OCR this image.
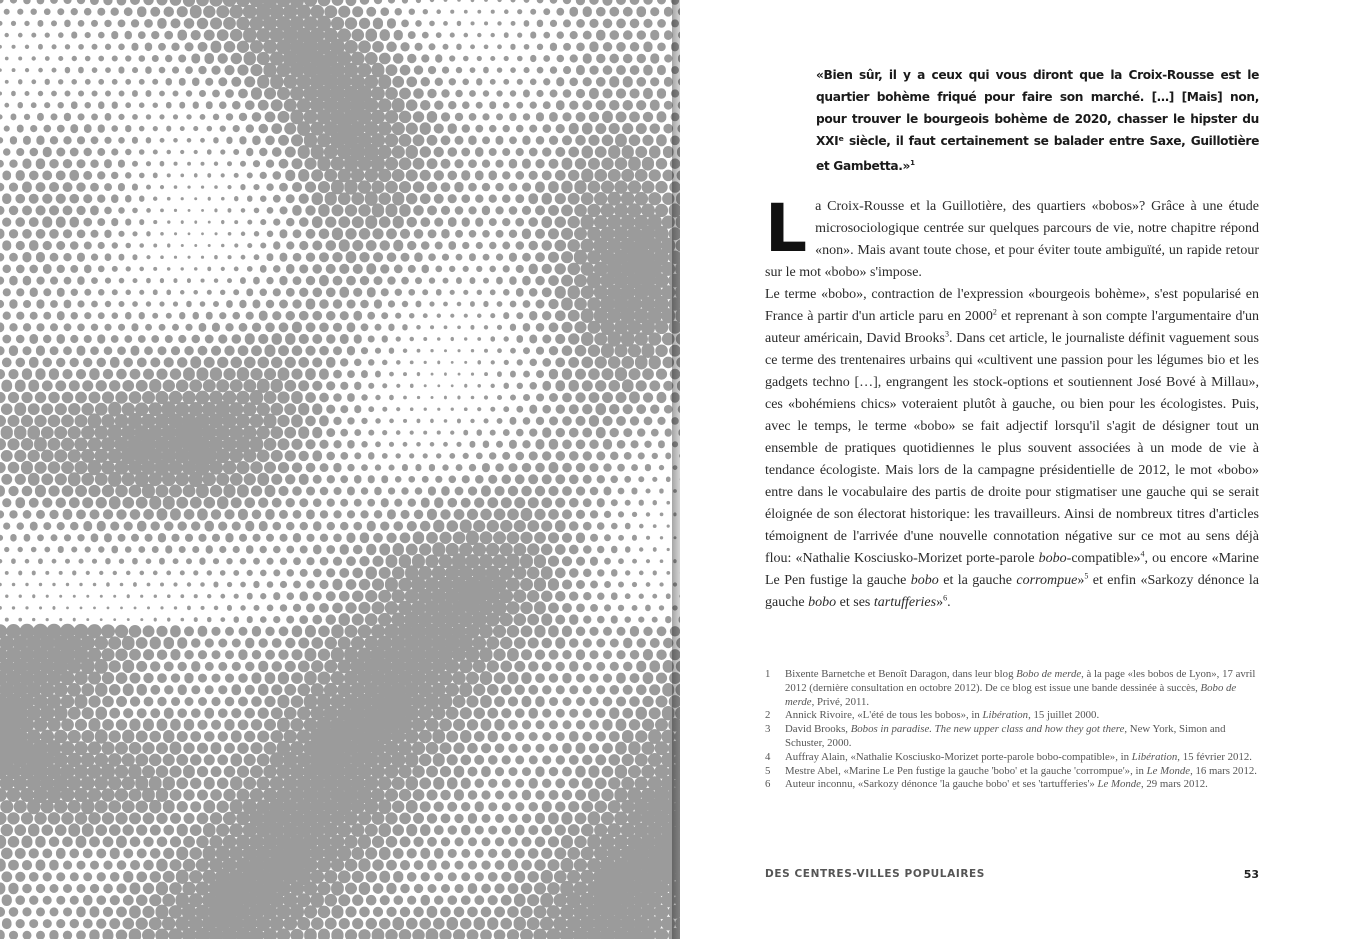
«Bien sûr, il y a ceux qui vous diront que la Croix-Rousse est le quartier bohème friqué pour faire son marché. […] [Mais] non, pour trouver le bourgeois bohème de 2020, chasser le hipster du XXIᵉ siècle, il faut certainement se balader entre Saxe, Guillotière et Gambetta.»$^1$

La Croix-Rousse et la Guillotière, des quartiers «bobos»? Grâce à une étude microsociologique centrée sur quelques parcours de vie, notre chapitre répond «non». Mais avant toute chose, et pour éviter toute ambiguïté, un rapide retour sur le mot «bobo» s'impose.

Le terme «bobo», contraction de l'expression «bourgeois bohème», s'est popularisé en France à partir d'un article paru en 2000$^2$ et reprenant à son compte l'argumentaire d'un auteur américain, David Brooks$^3$. Dans cet article, le journaliste définit vaguement sous ce terme des trentenaires urbains qui «cultivent une passion pour les légumes bio et les gadgets techno […], engrangent les stock-options et soutiennent José Bové à Millau», ces «bohémiens chics» voteraient plutôt à gauche, ou bien pour les écologistes. Puis, avec le temps, le terme «bobo» se fait adjectif lorsqu'il s'agit de désigner tout un ensemble de pratiques quotidiennes le plus souvent associées à un mode de vie à tendance écologiste. Mais lors de la campagne présidentielle de 2012, le mot «bobo» entre dans le vocabulaire des partis de droite pour stigmatiser une gauche qui se serait éloignée de son électorat historique: les travailleurs. Ainsi de nombreux titres d'articles témoignent de l'arrivée d'une nouvelle connotation négative sur ce mot au sens déjà flou: «Nathalie Kosciusko-Morizet porte-parole bobo-compatible»$^4$, ou encore «Marine Le Pen fustige la gauche bobo et la gauche corrompue»$^5$ et enfin «Sarkozy dénonce la gauche bobo et ses tartufferies»$^6$.

1 Bixente Barnetche et Benoît Daragon, dans leur blog Bobo de merde, à la page «les bobos de Lyon», 17 avril 2012 (dernière consultation en octobre 2012). De ce blog est issue une bande dessinée à succès, Bobo de merde, Privé, 2011.
2 Annick Rivoire, «L'été de tous les bobos», in Libération, 15 juillet 2000.
3 David Brooks, Bobos in paradise. The new upper class and how they got there, New York, Simon and Schuster, 2000.
4 Auffray Alain, «Nathalie Kosciusko-Morizet porte-parole bobo-compatible», in Libération, 15 février 2012.
5 Mestre Abel, «Marine Le Pen fustige la gauche 'bobo' et la gauche 'corrompue'», in Le Monde, 16 mars 2012.
6 Auteur inconnu, «Sarkozy dénonce 'la gauche bobo' et ses 'tartufferies'» Le Monde, 29 mars 2012.
DES CENTRES-VILLES POPULAIRES	53
